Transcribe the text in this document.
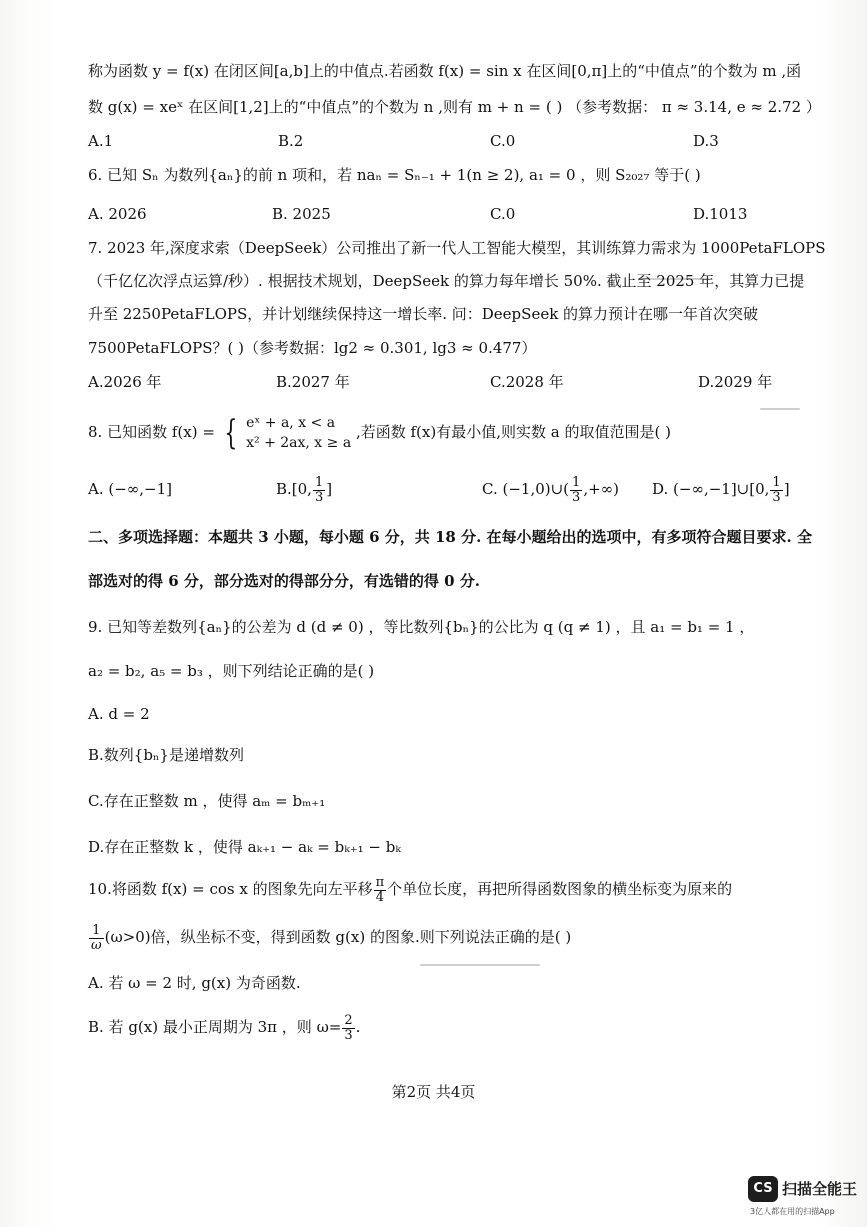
称为函数 y = f(x) 在闭区间[a,b]上的中值点.若函数 f(x) = sin x 在区间[0,π]上的“中值点”的个数为 m ,函
数 g(x) = xeˣ 在区间[1,2]上的“中值点”的个数为 n ,则有 m + n = ( ) （参考数据： π ≈ 3.14, e ≈ 2.72 ）
A.1	B.2	C.0	D.3
6. 已知 Sₙ 为数列{aₙ}的前 n 项和，若 naₙ = Sₙ₋₁ + 1(n ≥ 2), a₁ = 0 ，则 S₂₀₂₇ 等于( )
A. 2026	B. 2025	C.0	D.1013
7. 2023 年,深度求索（DeepSeek）公司推出了新一代人工智能大模型，其训练算力需求为 1000PetaFLOPS
（千亿亿次浮点运算/秒）. 根据技术规划，DeepSeek 的算力每年增长 50%. 截止至 2025 年，其算力已提
升至 2250PetaFLOPS，并计划继续保持这一增长率. 问：DeepSeek 的算力预计在哪一年首次突破
7500PetaFLOPS？( )（参考数据：lg2 ≈ 0.301, lg3 ≈ 0.477）
A.2026 年	B.2027 年	C.2028 年	D.2029 年
8. 已知函数 f(x) = { eˣ + a, x < a
x² + 2ax, x ≥ a
,若函数 f(x)有最小值,则实数 a 的取值范围是( )
A. (−∞,−1]	B.[0, $\frac{1}{3}$ ]	C. (−1,0)∪( $\frac{1}{3}$ ,+∞) D. (−∞,−1]∪[0, $\frac{1}{3}$ ]
二、多项选择题：本题共 3 小题，每小题 6 分，共 18 分. 在每小题给出的选项中，有多项符合题目要求. 全
部选对的得 6 分，部分选对的得部分分，有选错的得 0 分.
9. 已知等差数列{aₙ}的公差为 d (d ≠ 0) ，等比数列{bₙ}的公比为 q (q ≠ 1) ，且 a₁ = b₁ = 1 ，
a₂ = b₂, a₅ = b₃ ，则下列结论正确的是( )
A. d = 2
B.数列{bₙ}是递增数列
C.存在正整数 m ，使得 aₘ = bₘ₊₁
D.存在正整数 k ，使得 aₖ₊₁ − aₖ = bₖ₊₁ − bₖ
10.将函数 f(x) = cos x 的图象先向左平移 $\frac{\pi}{4}$ 个单位长度，再把所得函数图象的横坐标变为原来的
$\frac{1}{\omega} (\omega>0)$倍，纵坐标不变，得到函数 g(x) 的图象.则下列说法正确的是( )
A. 若 ω = 2 时, g(x) 为奇函数.
B. 若 g(x) 最小正周期为 3π ，则 $\omega= \frac{2}{3}$ .
第2页 共4页
CS 扫描全能王
3亿人都在用的扫描App
